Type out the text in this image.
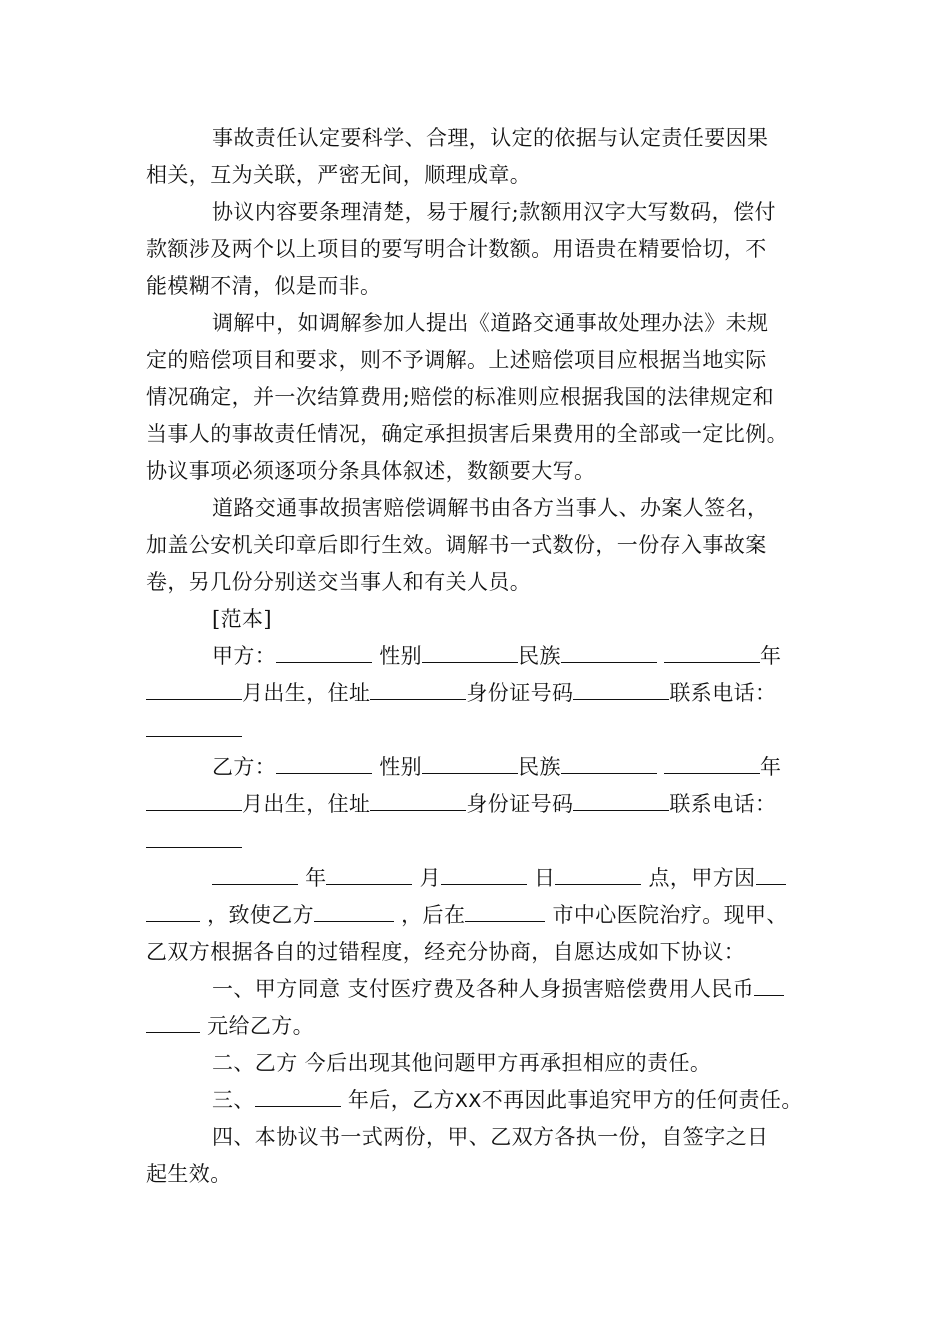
事故责任认定要科学、合理，认定的依据与认定责任要因果
相关，互为关联，严密无间，顺理成章。
协议内容要条理清楚，易于履行;款额用汉字大写数码，偿付
款额涉及两个以上项目的要写明合计数额。用语贵在精要恰切，不
能模糊不清，似是而非。
调解中，如调解参加人提出《道路交通事故处理办法》未规
定的赔偿项目和要求，则不予调解。上述赔偿项目应根据当地实际
情况确定，并一次结算费用;赔偿的标准则应根据我国的法律规定和
当事人的事故责任情况，确定承担损害后果费用的全部或一定比例。
协议事项必须逐项分条具体叙述，数额要大写。
道路交通事故损害赔偿调解书由各方当事人、办案人签名，
加盖公安机关印章后即行生效。调解书一式数份，一份存入事故案
卷，另几份分别送交当事人和有关人员。
[范本]
甲方：	性别	民族	年
月出生，住址	身份证号码	联系电话：
乙方：	性别	民族	年
月出生，住址	身份证号码	联系电话：
年	月	日	点，甲方因
，致使乙方	，后在	市中心医院治疗。现甲、
乙双方根据各自的过错程度，经充分协商，自愿达成如下协议：
一、甲方同意 支付医疗费及各种人身损害赔偿费用人民币
元给乙方。
二、乙方 今后出现其他问题甲方再承担相应的责任。
三、	年后，乙方XX不再因此事追究甲方的任何责任。
四、本协议书一式两份，甲、乙双方各执一份，自签字之日
起生效。
